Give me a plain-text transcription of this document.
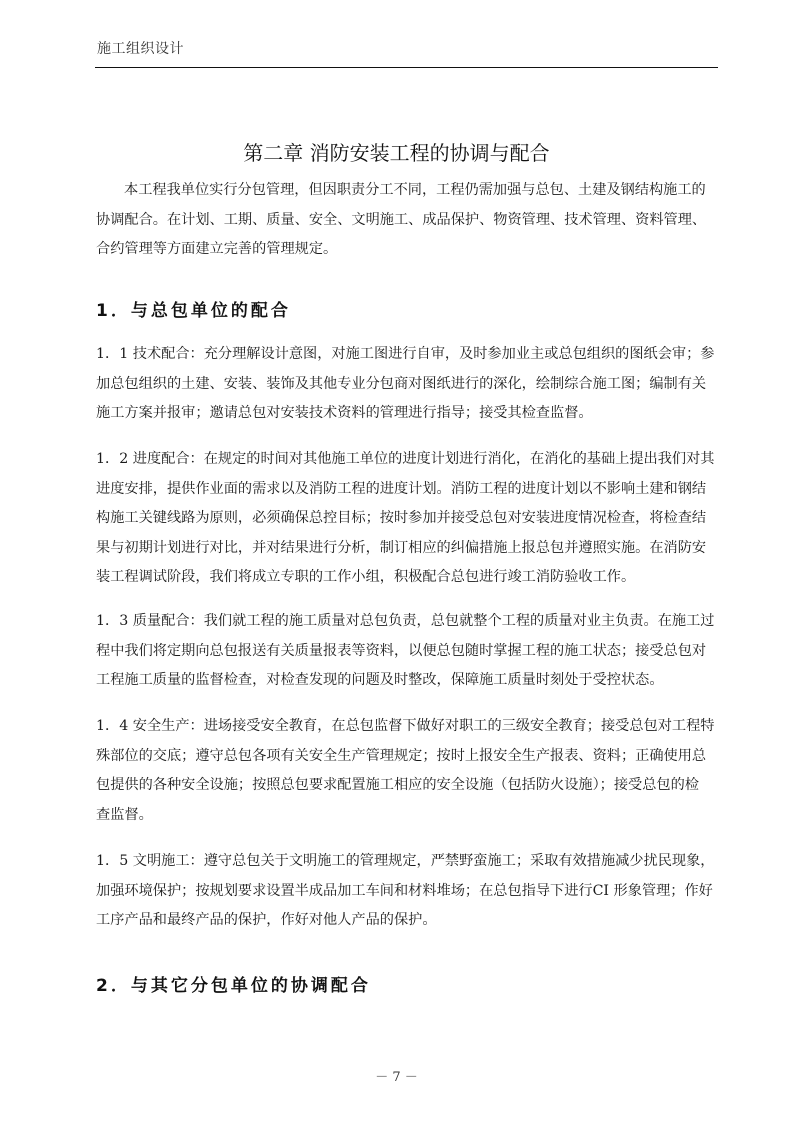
施工组织设计
第二章 消防安装工程的协调与配合
本工程我单位实行分包管理，但因职责分工不同，工程仍需加强与总包、土建及钢结构施工的
协调配合。在计划、工期、质量、安全、文明施工、成品保护、物资管理、技术管理、资料管理、
合约管理等方面建立完善的管理规定。
1．与总包单位的配合
1．1 技术配合：充分理解设计意图，对施工图进行自审，及时参加业主或总包组织的图纸会审；参
加总包组织的土建、安装、装饰及其他专业分包商对图纸进行的深化，绘制综合施工图；编制有关
施工方案并报审；邀请总包对安装技术资料的管理进行指导；接受其检查监督。
1．2 进度配合：在规定的时间对其他施工单位的进度计划进行消化，在消化的基础上提出我们对其
进度安排，提供作业面的需求以及消防工程的进度计划。消防工程的进度计划以不影响土建和钢结
构施工关键线路为原则，必须确保总控目标；按时参加并接受总包对安装进度情况检查，将检查结
果与初期计划进行对比，并对结果进行分析，制订相应的纠偏措施上报总包并遵照实施。在消防安
装工程调试阶段，我们将成立专职的工作小组，积极配合总包进行竣工消防验收工作。
1．3 质量配合：我们就工程的施工质量对总包负责，总包就整个工程的质量对业主负责。在施工过
程中我们将定期向总包报送有关质量报表等资料，以便总包随时掌握工程的施工状态；接受总包对
工程施工质量的监督检查，对检查发现的问题及时整改，保障施工质量时刻处于受控状态。
1．4 安全生产：进场接受安全教育，在总包监督下做好对职工的三级安全教育；接受总包对工程特
殊部位的交底；遵守总包各项有关安全生产管理规定；按时上报安全生产报表、资料；正确使用总
包提供的各种安全设施；按照总包要求配置施工相应的安全设施（包括防火设施）；接受总包的检
查监督。
1．5 文明施工：遵守总包关于文明施工的管理规定，严禁野蛮施工；采取有效措施减少扰民现象，
加强环境保护；按规划要求设置半成品加工车间和材料堆场；在总包指导下进行CI 形象管理；作好
工序产品和最终产品的保护，作好对他人产品的保护。
2．与其它分包单位的协调配合
－ 7 －
